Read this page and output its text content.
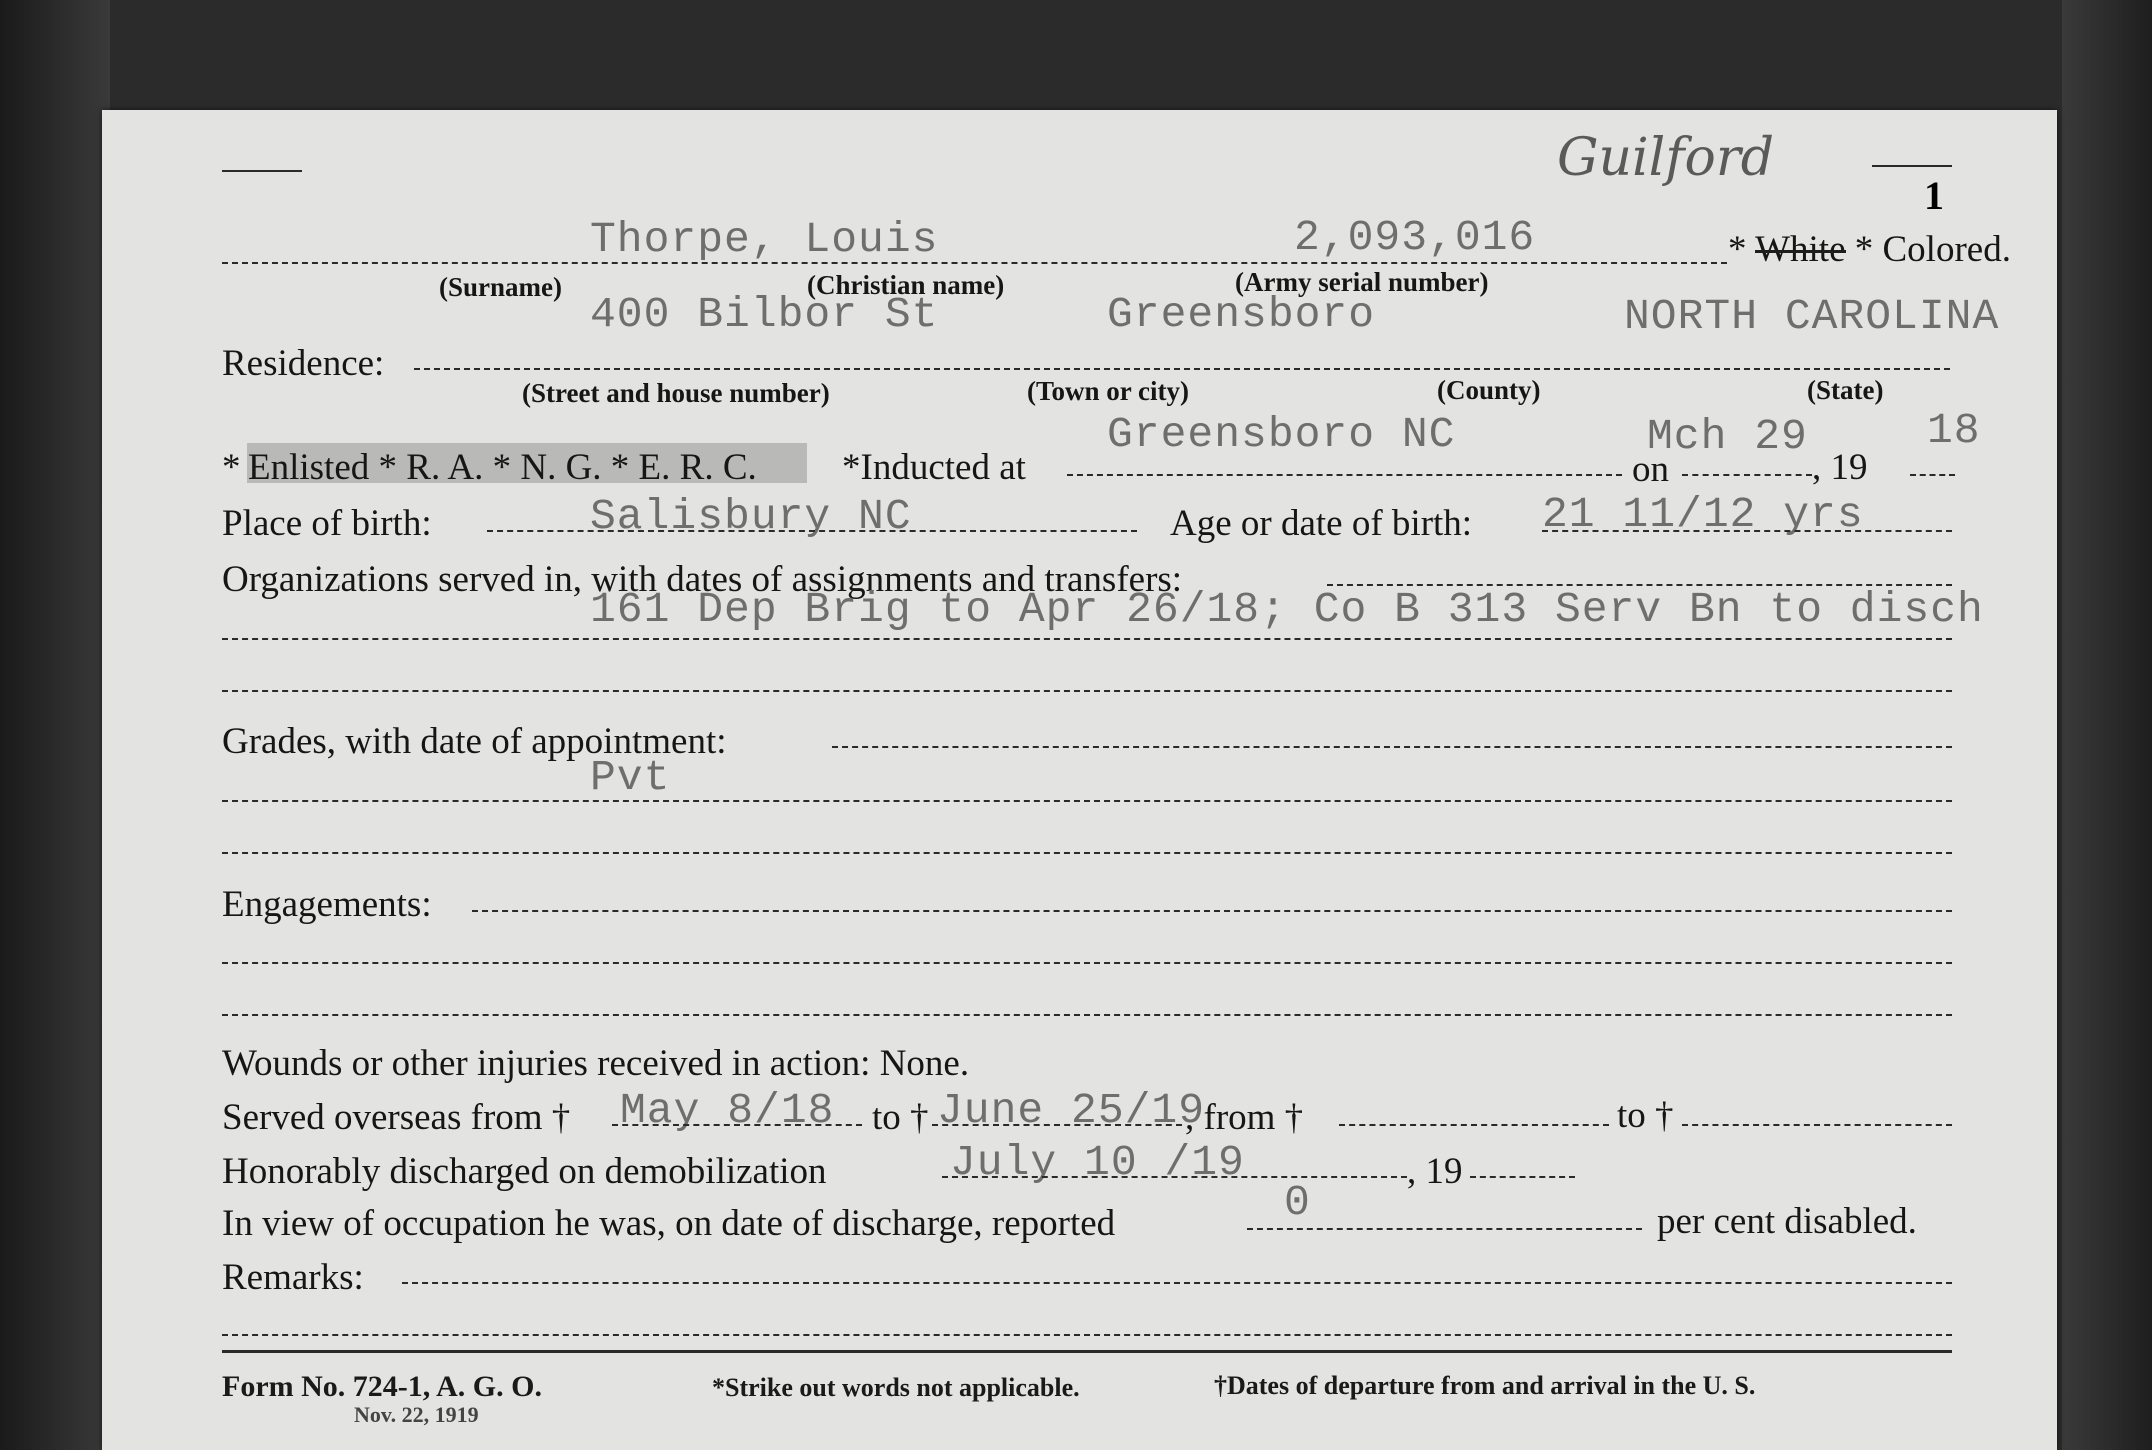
Guilford
1
Thorpe, Louis	2,093,016	* White * Colored.
(Surname)	(Christian name)	(Army serial number)
400 Bilbor St	Greensboro	NORTH CAROLINA
Residence:
(Street and house number)	(Town or city)	(County)	(State)
* Enlisted * R. A. * N. G. * E. R. C. *Inducted at
Greensboro NC	Mch 29
on	, 19
18
Place of birth:	Salisbury NC	Age or date of birth: 21 11/12 yrs
Organizations served in, with dates of assignments and transfers:
161 Dep Brig to Apr 26/18; Co B 313 Serv Bn to disch
Grades, with date of appointment:
Pvt
Engagements:
Wounds or other injuries received in action: None.
Served overseas from † May 8/18 to † June 25/19
, from †	to †
Honorably discharged on demobilization	July 10 /19	, 19
In view of occupation he was, on date of discharge, reported	0	per cent disabled.
Remarks:
Form No. 724-1, A. G. O.
Nov. 22, 1919
*Strike out words not applicable.	†Dates of departure from and arrival in the U. S.
